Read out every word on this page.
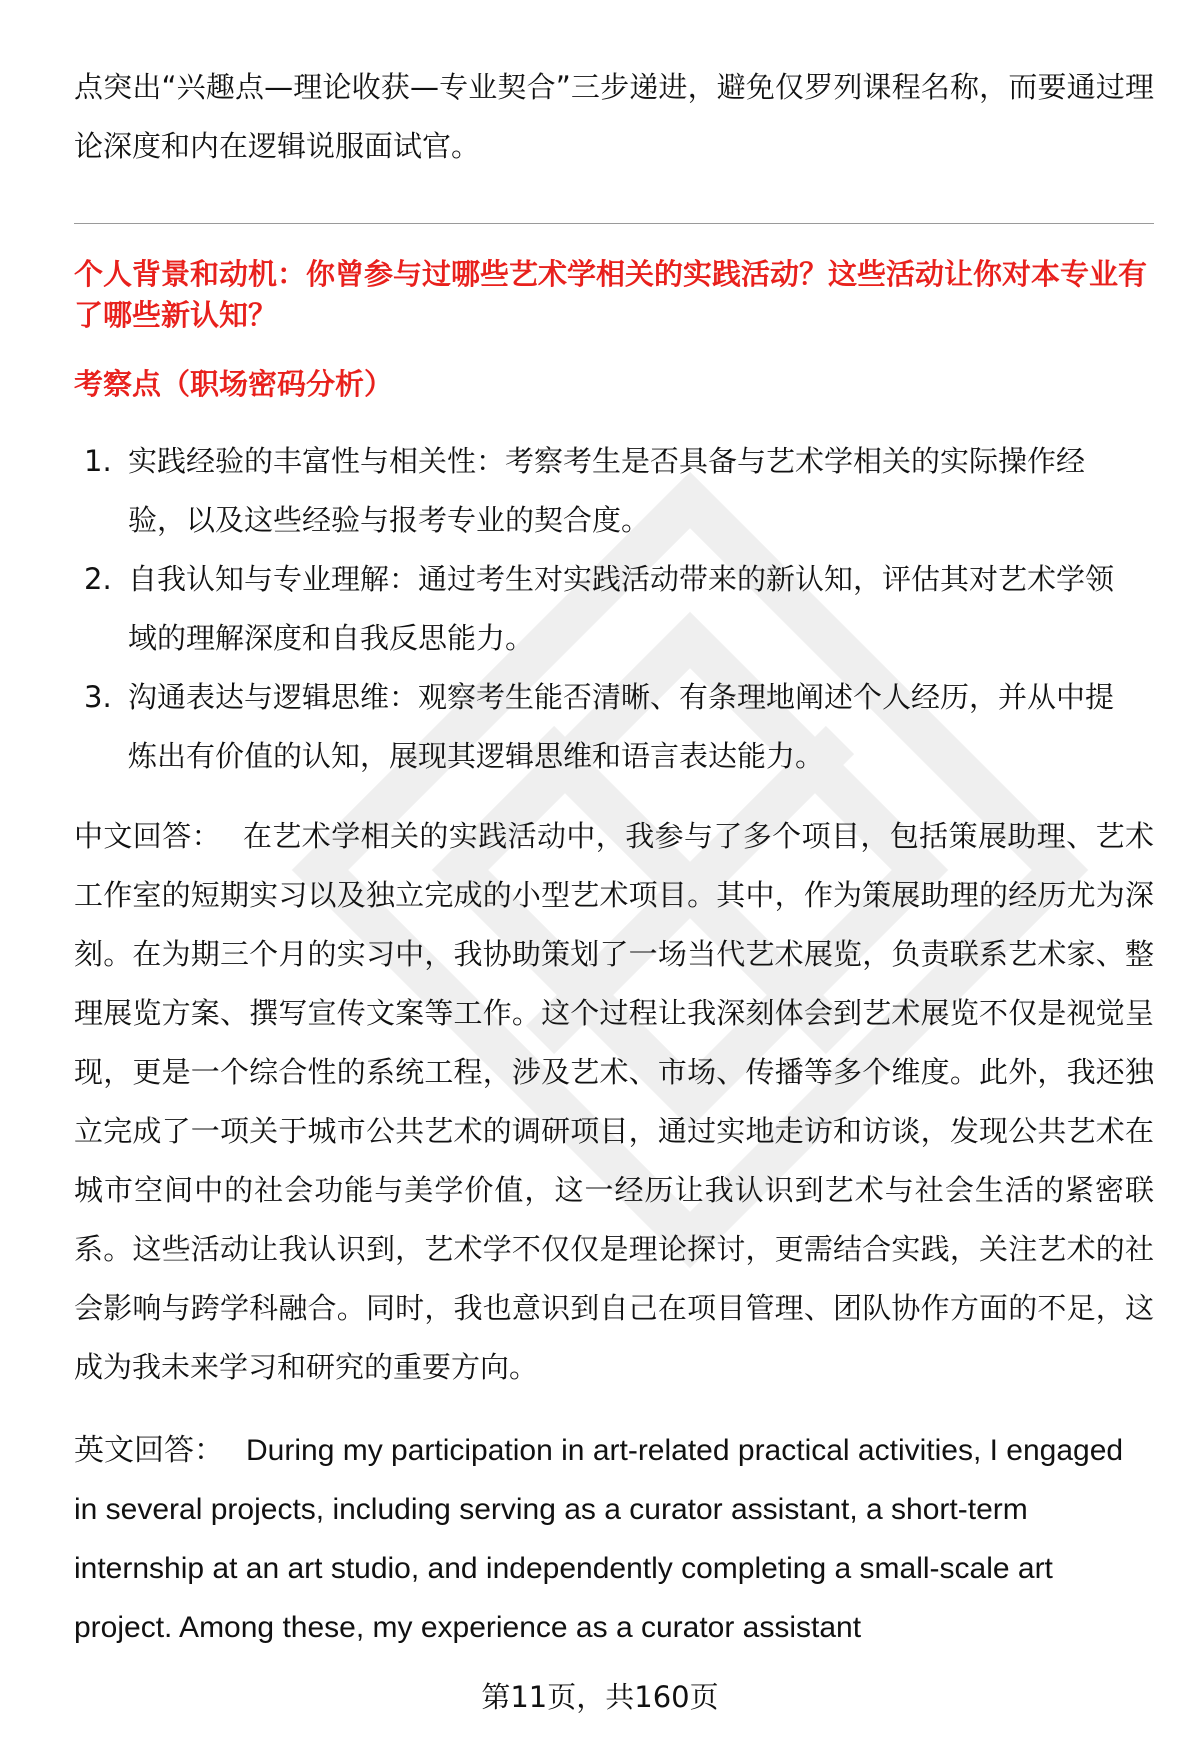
点突出“兴趣点—理论收获—专业契合”三步递进，避免仅罗列课程名称，而要通过理论深度和内在逻辑说服面试官。

个人背景和动机：你曾参与过哪些艺术学相关的实践活动？这些活动让你对本专业有了哪些新认知？

考察点（职场密码分析）

1. 实践经验的丰富性与相关性：考察考生是否具备与艺术学相关的实际操作经验，以及这些经验与报考专业的契合度。
2. 自我认知与专业理解：通过考生对实践活动带来的新认知，评估其对艺术学领域的理解深度和自我反思能力。
3. 沟通表达与逻辑思维：观察考生能否清晰、有条理地阐述个人经历，并从中提炼出有价值的认知，展现其逻辑思维和语言表达能力。

中文回答： 在艺术学相关的实践活动中，我参与了多个项目，包括策展助理、艺术工作室的短期实习以及独立完成的小型艺术项目。其中，作为策展助理的经历尤为深刻。在为期三个月的实习中，我协助策划了一场当代艺术展览，负责联系艺术家、整理展览方案、撰写宣传文案等工作。这个过程让我深刻体会到艺术展览不仅是视觉呈现，更是一个综合性的系统工程，涉及艺术、市场、传播等多个维度。此外，我还独立完成了一项关于城市公共艺术的调研项目，通过实地走访和访谈，发现公共艺术在城市空间中的社会功能与美学价值，这一经历让我认识到艺术与社会生活的紧密联系。这些活动让我认识到，艺术学不仅仅是理论探讨，更需结合实践，关注艺术的社会影响与跨学科融合。同时，我也意识到自己在项目管理、团队协作方面的不足，这成为我未来学习和研究的重要方向。

英文回答： During my participation in art-related practical activities, I engaged in several projects, including serving as a curator assistant, a short-term internship at an art studio, and independently completing a small-scale art project. Among these, my experience as a curator assistant

第11页，共160页
